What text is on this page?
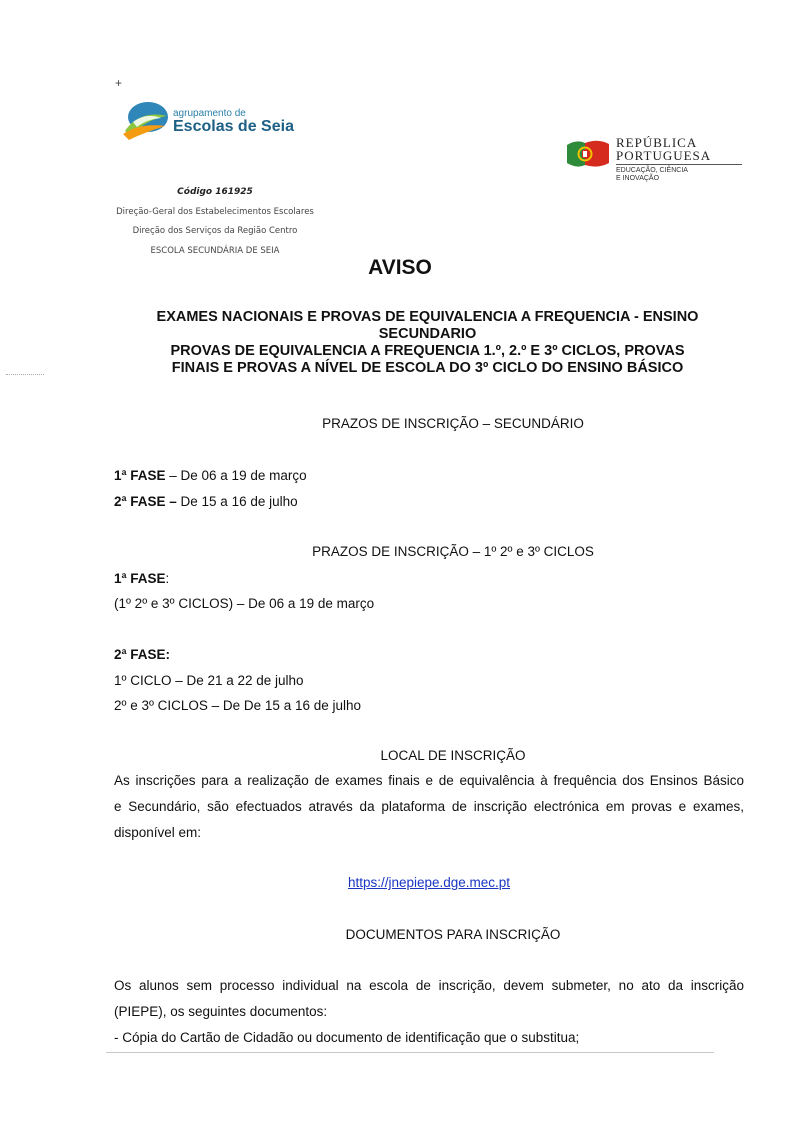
+
agrupamento de
Escolas de Seia
Código 161925
Direção-Geral dos Estabelecimentos Escolares
Direção dos Serviços da Região Centro
ESCOLA SECUNDÁRIA DE SEIA
REPÚBLICA
PORTUGUESA
EDUCAÇÃO, CIÊNCIA
E INOVAÇÃO
AVISO
EXAMES NACIONAIS E PROVAS DE EQUIVALENCIA A FREQUENCIA - ENSINO
SECUNDARIO
PROVAS DE EQUIVALENCIA A FREQUENCIA 1.º, 2.º E 3º CICLOS, PROVAS
FINAIS E PROVAS A NÍVEL DE ESCOLA DO 3º CICLO DO ENSINO BÁSICO
PRAZOS DE INSCRIÇÃO – SECUNDÁRIO
1ª FASE – De 06 a 19 de março
2ª FASE – De 15 a 16 de julho
PRAZOS DE INSCRIÇÃO – 1º 2º e 3º CICLOS
1ª FASE:
(1º 2º e 3º CICLOS) – De 06 a 19 de março
2ª FASE:
1º CICLO – De 21 a 22 de julho
2º e 3º CICLOS – De De 15 a 16 de julho
LOCAL DE INSCRIÇÃO
As inscrições para a realização de exames finais e de equivalência à frequência dos Ensinos Básico
e Secundário, são efectuados através da plataforma de inscrição electrónica em provas e exames,
disponível em:
https://jnepiepe.dge.mec.pt
DOCUMENTOS PARA INSCRIÇÃO
Os alunos sem processo individual na escola de inscrição, devem submeter, no ato da inscrição
(PIEPE), os seguintes documentos:
- Cópia do Cartão de Cidadão ou documento de identificação que o substitua;
